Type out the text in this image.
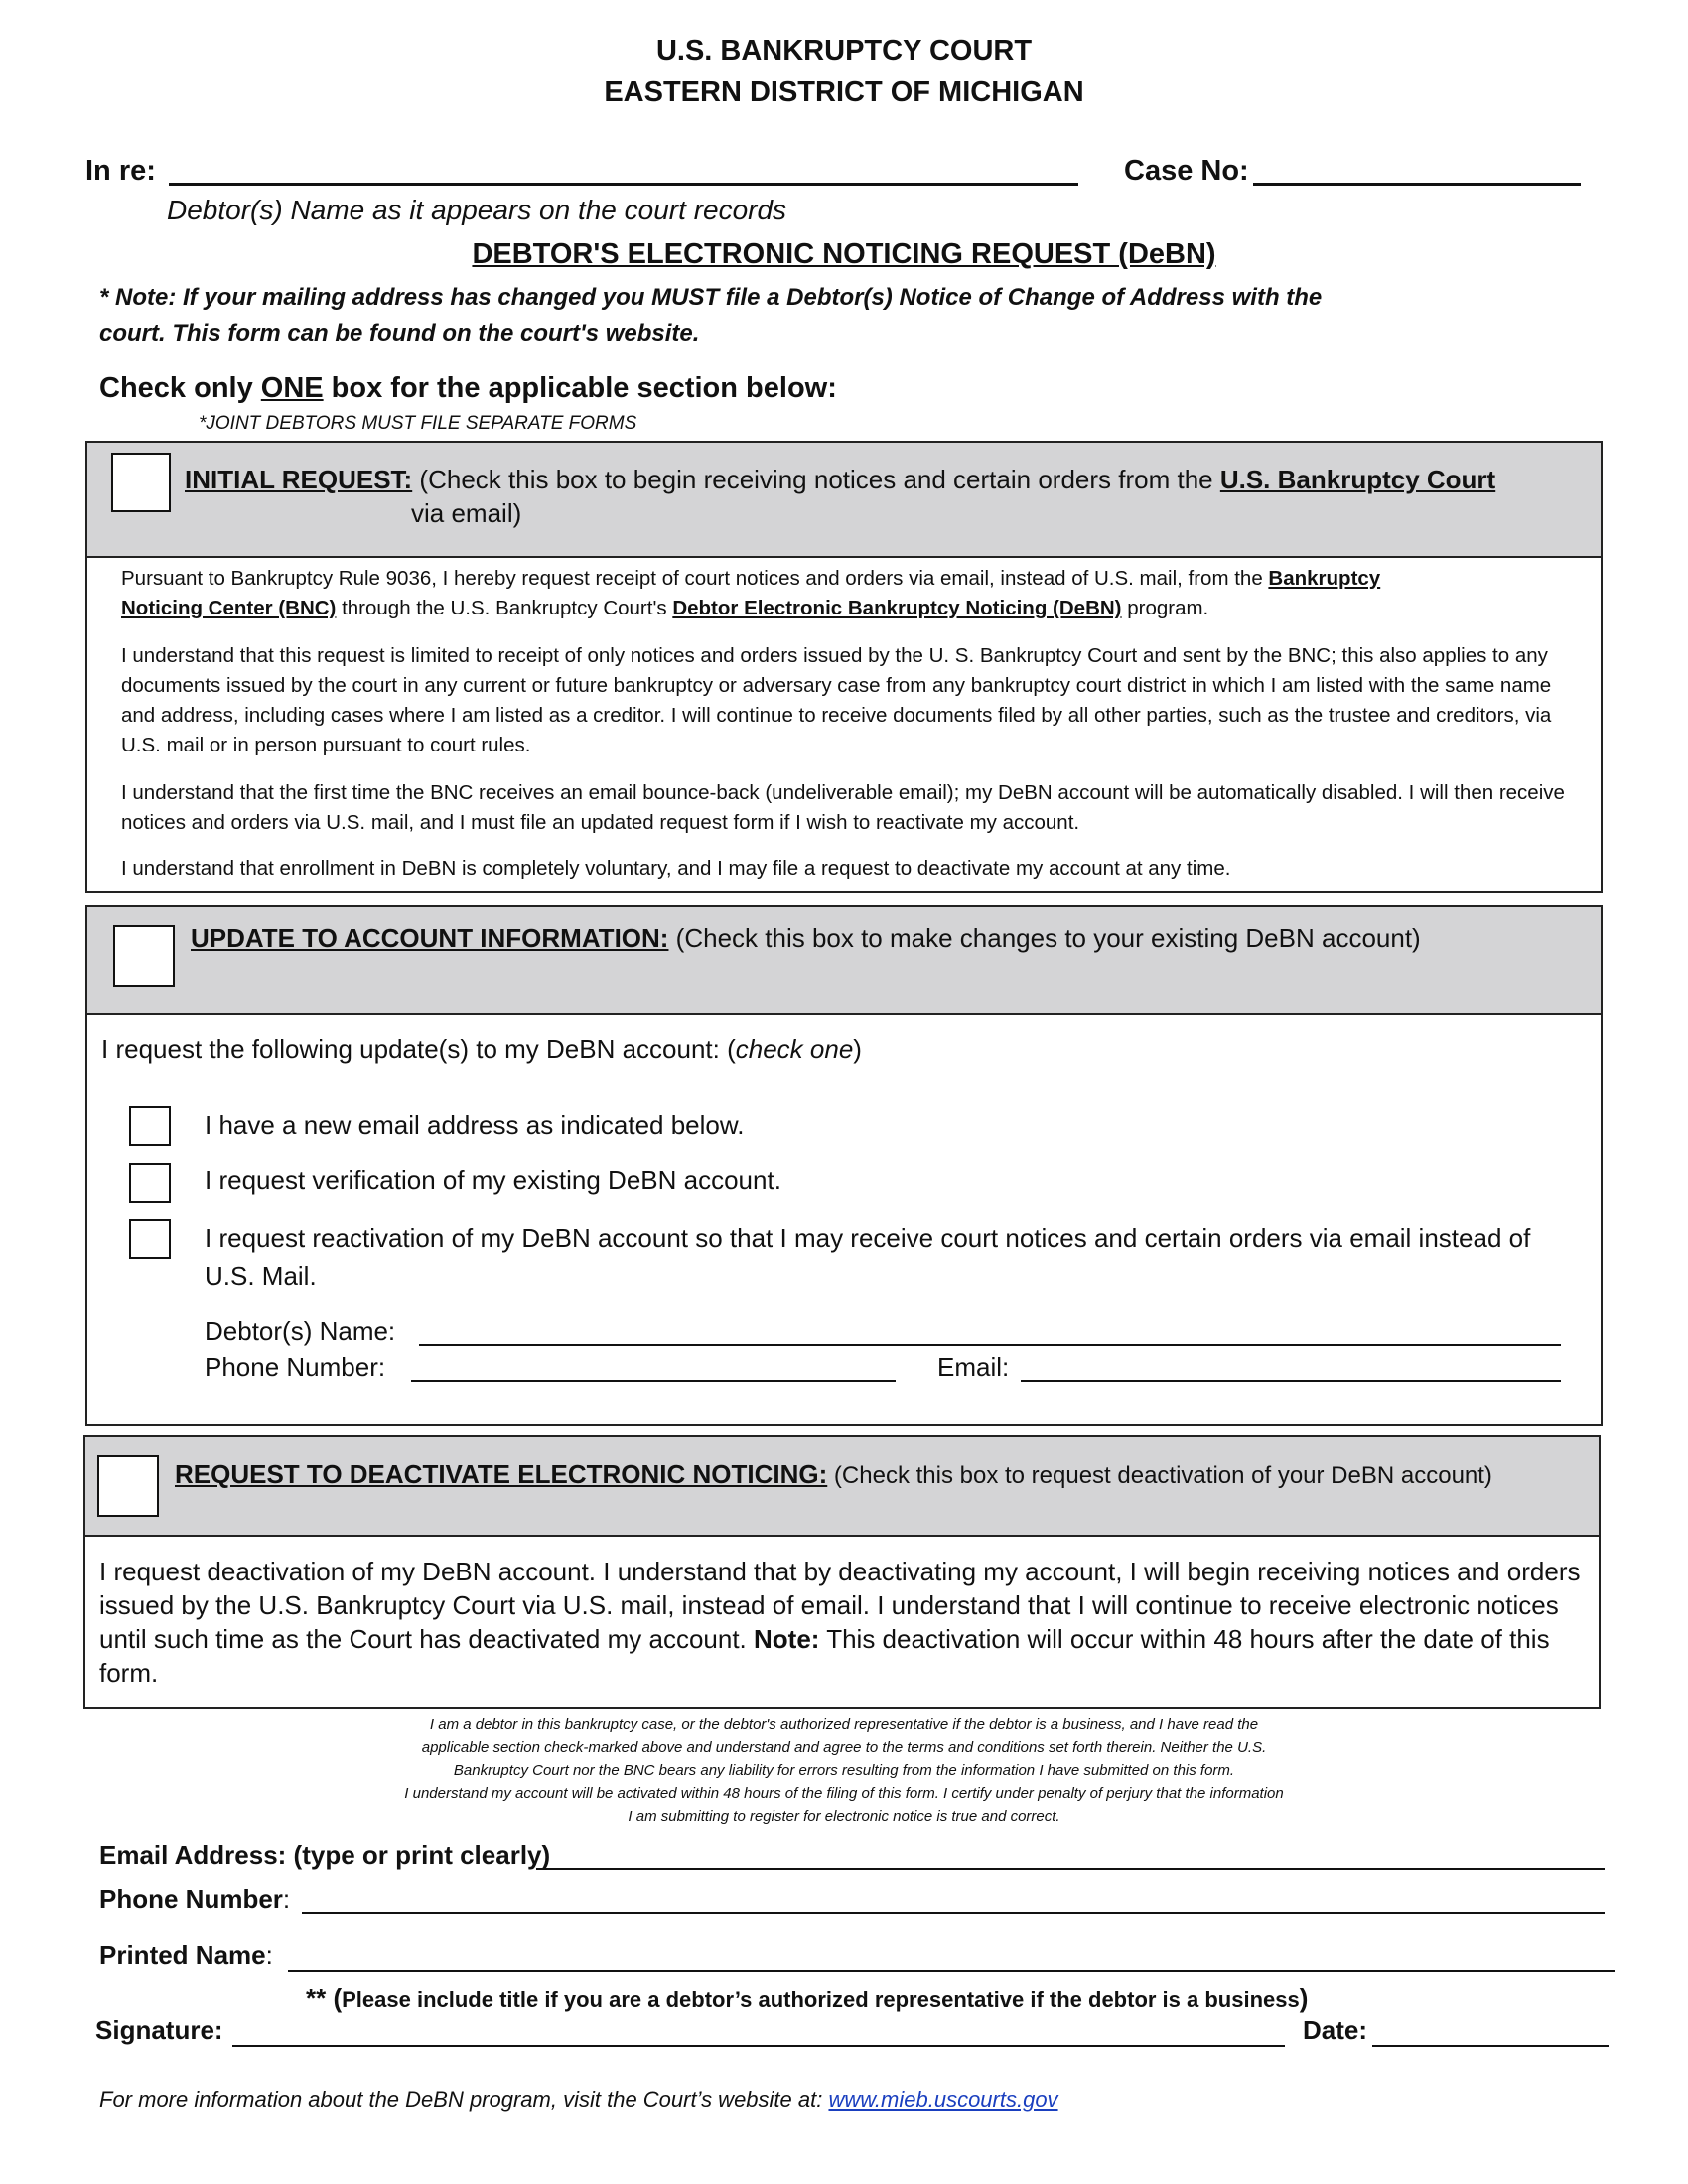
U.S. BANKRUPTCY COURT
EASTERN DISTRICT OF MICHIGAN
In re:	Case No:
Debtor(s) Name as it appears on the court records
DEBTOR'S ELECTRONIC NOTICING REQUEST (DeBN)
* Note: If your mailing address has changed you MUST file a Debtor(s) Notice of Change of Address with the
court. This form can be found on the court's website.
Check only ONE box for the applicable section below:
*JOINT DEBTORS MUST FILE SEPARATE FORMS
INITIAL REQUEST: (Check this box to begin receiving notices and certain orders from the U.S. Bankruptcy Court
via email)
Pursuant to Bankruptcy Rule 9036, I hereby request receipt of court notices and orders via email, instead of U.S. mail, from the Bankruptcy
Noticing Center (BNC) through the U.S. Bankruptcy Court's Debtor Electronic Bankruptcy Noticing (DeBN) program.
I understand that this request is limited to receipt of only notices and orders issued by the U. S. Bankruptcy Court and sent by the BNC; this also applies to any documents issued by the court in any current or future bankruptcy or adversary case from any bankruptcy court district in which I am listed with the same name and address, including cases where I am listed as a creditor. I will continue to receive documents filed by all other parties, such as the trustee and creditors, via U.S. mail or in person pursuant to court rules.
I understand that the first time the BNC receives an email bounce-back (undeliverable email); my DeBN account will be automatically disabled. I will then receive notices and orders via U.S. mail, and I must file an updated request form if I wish to reactivate my account.
I understand that enrollment in DeBN is completely voluntary, and I may file a request to deactivate my account at any time.
UPDATE TO ACCOUNT INFORMATION: (Check this box to make changes to your existing DeBN account)
I request the following update(s) to my DeBN account: (check one)
I have a new email address as indicated below.
I request verification of my existing DeBN account.
I request reactivation of my DeBN account so that I may receive court notices and certain orders via email instead of U.S. Mail.
Debtor(s) Name:
Phone Number:	Email:
REQUEST TO DEACTIVATE ELECTRONIC NOTICING: (Check this box to request deactivation of your DeBN account)
I request deactivation of my DeBN account. I understand that by deactivating my account, I will begin receiving notices and orders issued by the U.S. Bankruptcy Court via U.S. mail, instead of email. I understand that I will continue to receive electronic notices until such time as the Court has deactivated my account. Note: This deactivation will occur within 48 hours after the date of this form.
I am a debtor in this bankruptcy case, or the debtor's authorized representative if the debtor is a business, and I have read the
applicable section check-marked above and understand and agree to the terms and conditions set forth therein. Neither the U.S.
Bankruptcy Court nor the BNC bears any liability for errors resulting from the information I have submitted on this form.
I understand my account will be activated within 48 hours of the filing of this form. I certify under penalty of perjury that the information
I am submitting to register for electronic notice is true and correct.
Email Address: (type or print clearly)
Phone Number:
Printed Name:
** (Please include title if you are a debtor’s authorized representative if the debtor is a business)
Signature:	Date:
For more information about the DeBN program, visit the Court’s website at: www.mieb.uscourts.gov
